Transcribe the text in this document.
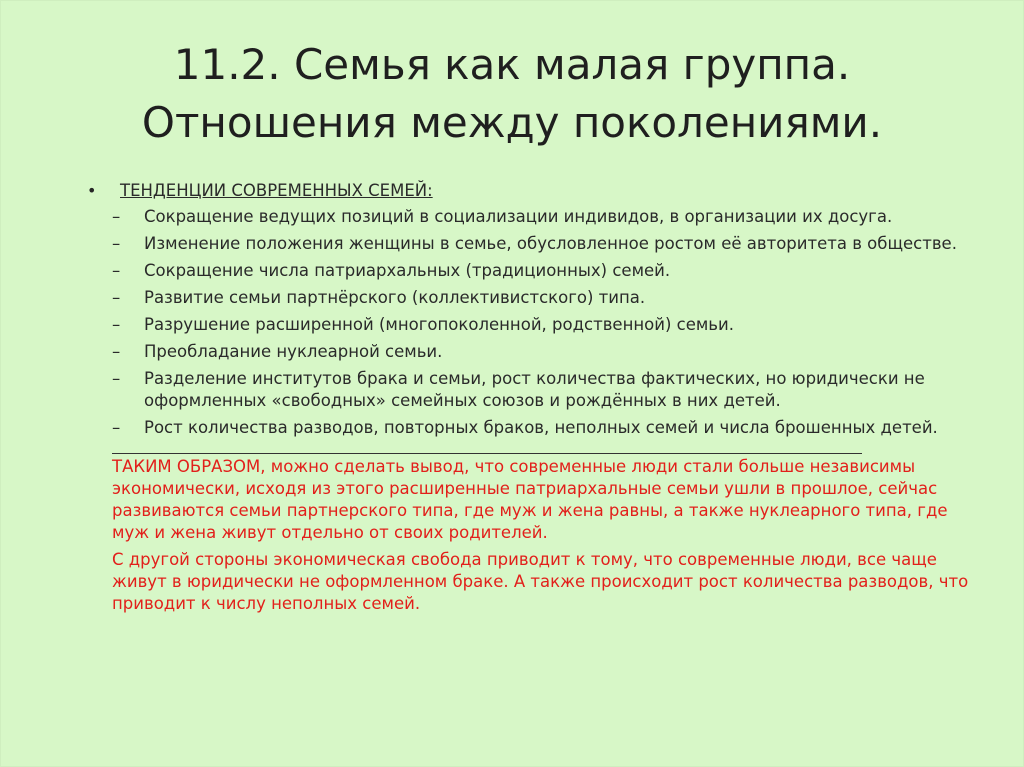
11.2. Семья как малая группа.
Отношения между поколениями.
• ТЕНДЕНЦИИ СОВРЕМЕННЫХ СЕМЕЙ:
– Сокращение ведущих позиций в социализации индивидов, в организации их досуга.
– Изменение положения женщины в семье, обусловленное ростом её авторитета в обществе.
– Сокращение числа патриархальных (традиционных) семей.
– Развитие семьи партнёрского (коллективистского) типа.
– Разрушение расширенной (многопоколенной, родственной) семьи.
– Преобладание нуклеарной семьи.
– Разделение институтов брака и семьи, рост количества фактических, но юридически не оформленных «свободных» семейных союзов и рождённых в них детей.
– Рост количества разводов, повторных браков, неполных семей и числа брошенных детей.

ТАКИМ ОБРАЗОМ, можно сделать вывод, что современные люди стали больше независимы экономически, исходя из этого расширенные патриархальные семьи ушли в прошлое, сейчас развиваются семьи партнерского типа, где муж и жена равны, а также нуклеарного типа, где муж и жена живут отдельно от своих родителей.

С другой стороны экономическая свобода приводит к тому, что современные люди, все чаще живут в юридически не оформленном браке. А также происходит рост количества разводов, что приводит к числу неполных семей.
